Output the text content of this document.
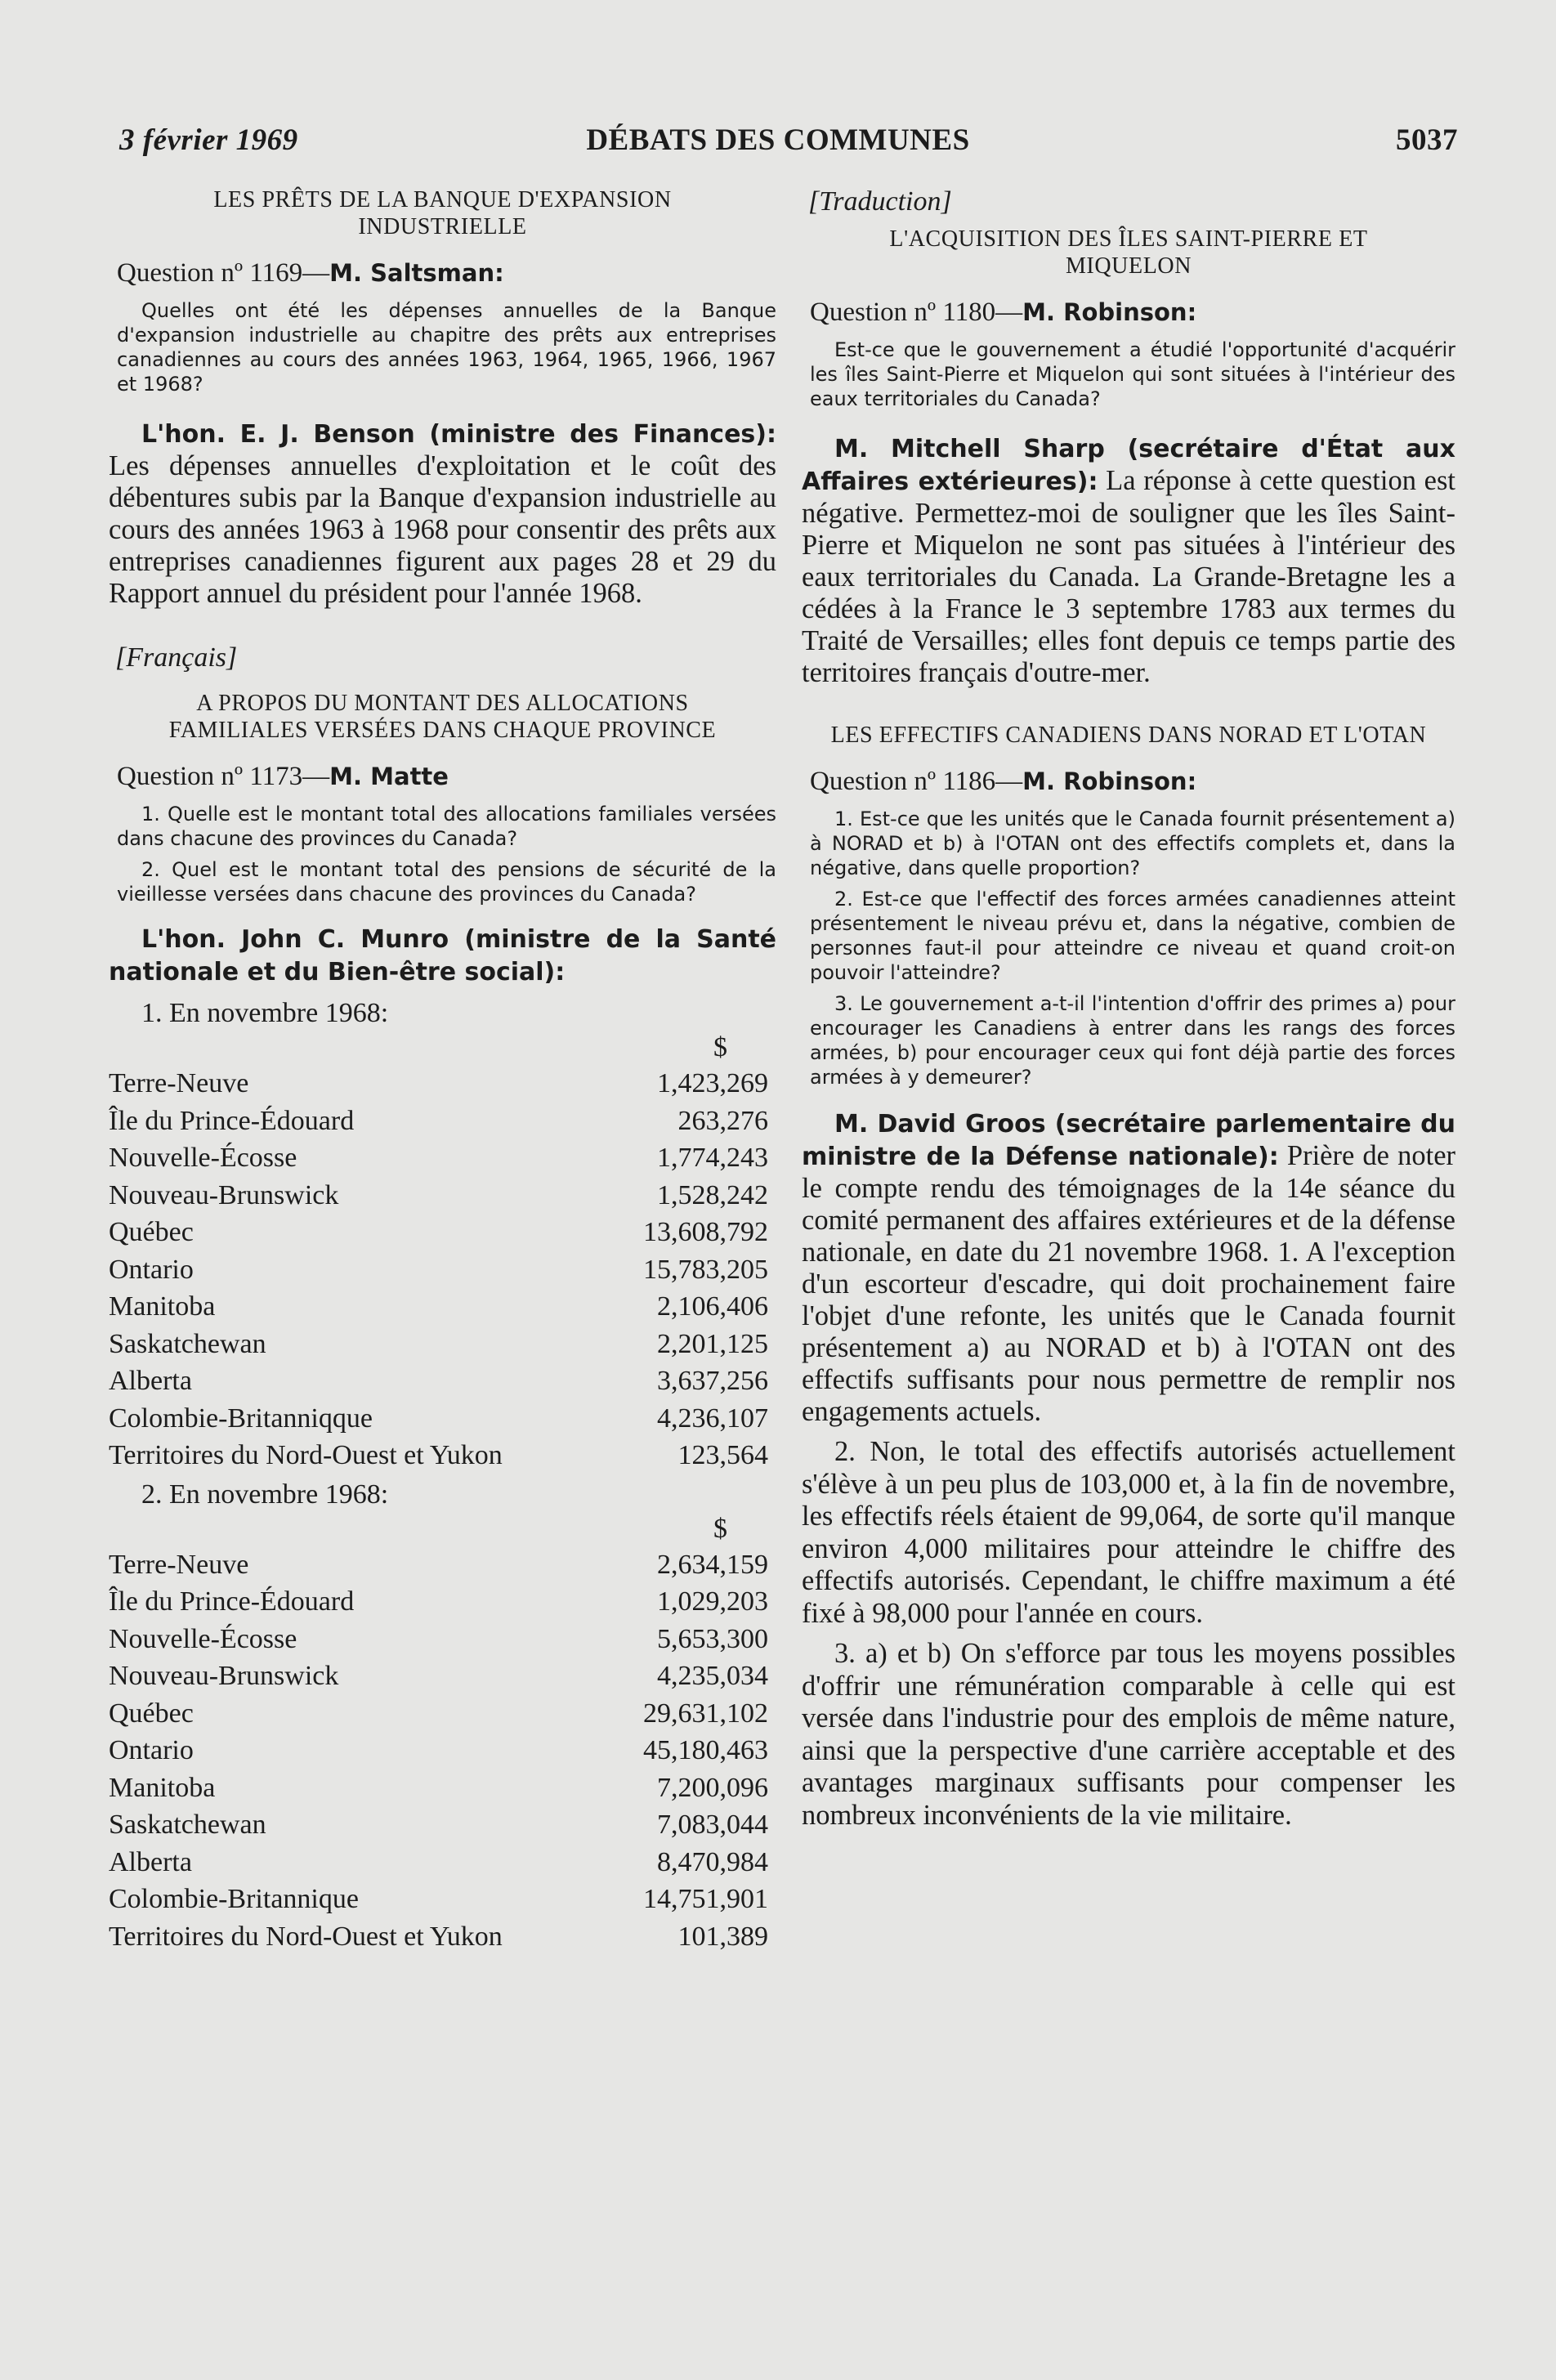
DÉBATS DES COMMUNES
3 février 1969	5037
LES PRÊTS DE LA BANQUE D'EXPANSION INDUSTRIELLE
Question nº 1169—M. Saltsman:

Quelles ont été les dépenses annuelles de la Banque d'expansion industrielle au chapitre des prêts aux entreprises canadiennes au cours des années 1963, 1964, 1965, 1966, 1967 et 1968?

L'hon. E. J. Benson (ministre des Finances): Les dépenses annuelles d'exploitation et le coût des débentures subis par la Banque d'expansion industrielle au cours des années 1963 à 1968 pour consentir des prêts aux entreprises canadiennes figurent aux pages 28 et 29 du Rapport annuel du président pour l'année 1968.

[Français]
A PROPOS DU MONTANT DES ALLOCATIONS FAMILIALES VERSÉES DANS CHAQUE PROVINCE
Question nº 1173—M. Matte

1. Quelle est le montant total des allocations familiales versées dans chacune des provinces du Canada?

2. Quel est le montant total des pensions de sécurité de la vieillesse versées dans chacune des provinces du Canada?

L'hon. John C. Munro (ministre de la Santé nationale et du Bien-être social):

1. En novembre 1968:
$
Terre-Neuve	1,423,269
Île du Prince-Édouard	263,276
Nouvelle-Écosse	1,774,243
Nouveau-Brunswick	1,528,242
Québec	13,608,792
Ontario	15,783,205
Manitoba	2,106,406
Saskatchewan	2,201,125
Alberta	3,637,256
Colombie-Britanniqque	4,236,107
Territoires du Nord-Ouest et Yukon	123,564
2. En novembre 1968:
$
Terre-Neuve	2,634,159
Île du Prince-Édouard	1,029,203
Nouvelle-Écosse	5,653,300
Nouveau-Brunswick	4,235,034
Québec	29,631,102
Ontario	45,180,463
Manitoba	7,200,096
Saskatchewan	7,083,044
Alberta	8,470,984
Colombie-Britannique	14,751,901
Territoires du Nord-Ouest et Yukon	101,389
[Traduction]
L'ACQUISITION DES ÎLES SAINT-PIERRE ET MIQUELON
Question nº 1180—M. Robinson:

Est-ce que le gouvernement a étudié l'opportunité d'acquérir les îles Saint-Pierre et Miquelon qui sont situées à l'intérieur des eaux territoriales du Canada?

M. Mitchell Sharp (secrétaire d'État aux Affaires extérieures): La réponse à cette question est négative. Permettez-moi de souligner que les îles Saint-Pierre et Miquelon ne sont pas situées à l'intérieur des eaux territoriales du Canada. La Grande-Bretagne les a cédées à la France le 3 septembre 1783 aux termes du Traité de Versailles; elles font depuis ce temps partie des territoires français d'outre-mer.

LES EFFECTIFS CANADIENS DANS NORAD ET L'OTAN
Question nº 1186—M. Robinson:

1. Est-ce que les unités que le Canada fournit présentement a) à NORAD et b) à l'OTAN ont des effectifs complets et, dans la négative, dans quelle proportion?

2. Est-ce que l'effectif des forces armées canadiennes atteint présentement le niveau prévu et, dans la négative, combien de personnes faut-il pour atteindre ce niveau et quand croit-on pouvoir l'atteindre?

3. Le gouvernement a-t-il l'intention d'offrir des primes a) pour encourager les Canadiens à entrer dans les rangs des forces armées, b) pour encourager ceux qui font déjà partie des forces armées à y demeurer?

M. David Groos (secrétaire parlementaire du ministre de la Défense nationale): Prière de noter le compte rendu des témoignages de la 14e séance du comité permanent des affaires extérieures et de la défense nationale, en date du 21 novembre 1968. 1. A l'exception d'un escorteur d'escadre, qui doit prochainement faire l'objet d'une refonte, les unités que le Canada fournit présentement a) au NORAD et b) à l'OTAN ont des effectifs suffisants pour nous permettre de remplir nos engagements actuels.

2. Non, le total des effectifs autorisés actuellement s'élève à un peu plus de 103,000 et, à la fin de novembre, les effectifs réels étaient de 99,064, de sorte qu'il manque environ 4,000 militaires pour atteindre le chiffre des effectifs autorisés. Cependant, le chiffre maximum a été fixé à 98,000 pour l'année en cours.

3. a) et b) On s'efforce par tous les moyens possibles d'offrir une rémunération comparable à celle qui est versée dans l'industrie pour des emplois de même nature, ainsi que la perspective d'une carrière acceptable et des avantages marginaux suffisants pour compenser les nombreux inconvénients de la vie militaire.
